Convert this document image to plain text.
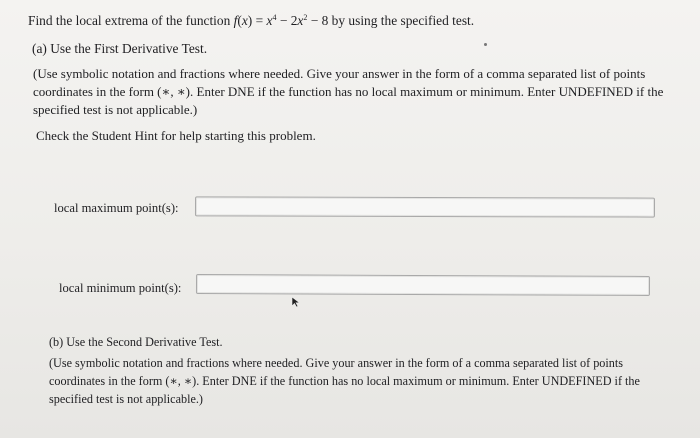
Find the local extrema of the function $f(x) = x^4 - 2x^2 - 8$ by using the specified test.
(a) Use the First Derivative Test.
(Use symbolic notation and fractions where needed. Give your answer in the form of a comma separated list of points
coordinates in the form (∗, ∗). Enter DNE if the function has no local maximum or minimum. Enter UNDEFINED if the
specified test is not applicable.)
Check the Student Hint for help starting this problem.
local maximum point(s):
local minimum point(s):
(b) Use the Second Derivative Test.
(Use symbolic notation and fractions where needed. Give your answer in the form of a comma separated list of points
coordinates in the form (∗, ∗). Enter DNE if the function has no local maximum or minimum. Enter UNDEFINED if the
specified test is not applicable.)
